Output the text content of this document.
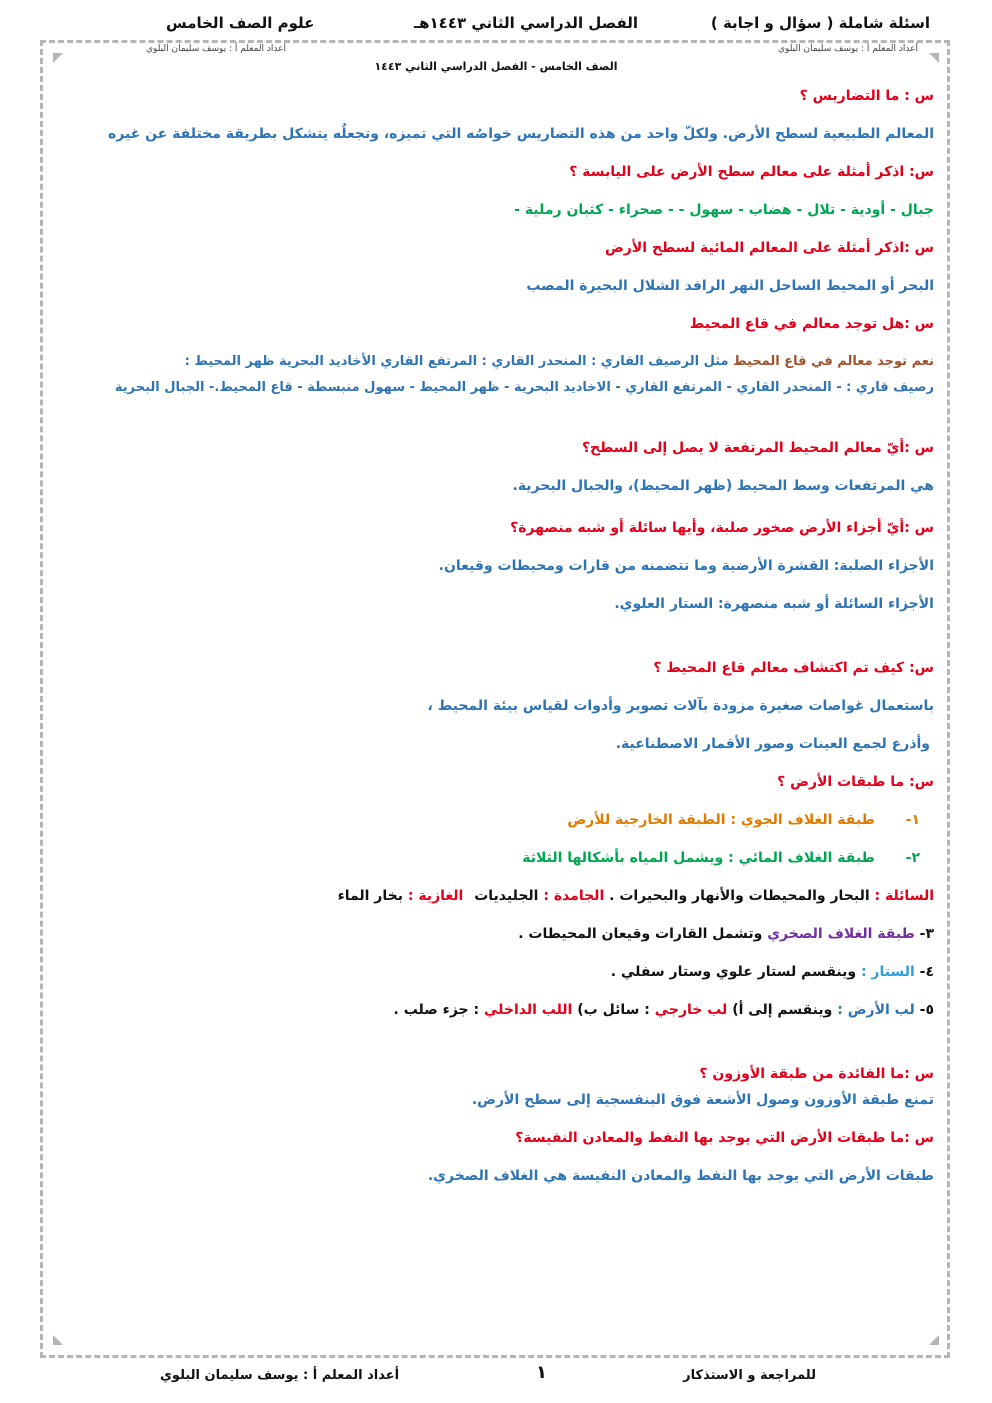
اسئلة شاملة ( سؤال و اجابة )
الفصل الدراسي الثاني ١٤٤٣هـ
علوم الصف الخامس
أعداد المعلم أ : يوسف سليمان البلوي
أعداد المعلم أ : يوسف سليمان البلوي
الصف الخامس - الفصل الدراسي الثاني ١٤٤٣
س : ما التضاريس ؟
المعالم الطبيعية لسطح الأرض. ولكلّ واحد من هذه التضاريس خواصُه التي تميزه، وتجعلُه يتشكل بطريقة مختلفة عن غيره
س: اذكر أمثلة على معالم سطح الأرض على اليابسة ؟
جبال - أودية - تلال - هضاب - سهول - - صحراء - كثبان رملية -
س :اذكر أمثلة على المعالم المائية لسطح الأرض
البحر أو المحيط الساحل النهر الرافد الشلال البحيرة المصب
س :هل توجد معالم في قاع المحيط
نعم توجد معالم في قاع المحيط مثل الرصيف القاري : المنحدر القاري : المرتفع القاري الأخاديد البحرية ظهر المحيط :
رصيف قاري : - المنحدر القاري - المرتفع القاري - الاخاديد البحرية - ظهر المحيط - سهول منبسطة - قاع المحيط.- الجبال البحرية
س :أيّ معالم المحيط المرتفعة لا يصل إلى السطح؟
هي المرتفعات وسط المحيط (ظهر المحيط)، والجبال البحرية.
س :أيّ أجزاء الأرض صخور صلبة، وأيها سائلة أو شبه منصهرة؟
الأجزاء الصلبة: القشرة الأرضية وما تتضمنه من قارات ومحيطات وقيعان.
الأجزاء السائلة أو شبه منصهرة: الستار العلوي.
س: كيف تم اكتشاف معالم قاع المحيط ؟
باستعمال غواصات صغيرة مزودة بآلات تصوير وأدوات لقياس بيئة المحيط ،
وأذرع لجمع العينات وصور الأقمار الاصطناعية.
س: ما طبقات الأرض ؟
١- طبقة الغلاف الجوي : الطبقة الخارجية للأرض
٢- طبقة الغلاف المائي : ويشمل المياه بأشكالها الثلاثة
السائلة : البحار والمحيطات والأنهار والبحيرات . الجامدة : الجليديات الغازية : بخار الماء
٣- طبقة الغلاف الصخري وتشمل القارات وقيعان المحيطات .
٤- الستار : وينقسم لستار علوي وستار سفلي .
٥- لب الأرض : وينقسم إلى أ) لب خارجي : سائل ب) اللب الداخلي : جزء صلب .
س :ما الفائدة من طبقة الأوزون ؟
تمنع طبقة الأوزون وصول الأشعة فوق البنفسجية إلى سطح الأرض.
س :ما طبقات الأرض التي يوجد بها النفط والمعادن النفيسة؟
طبقات الأرض التي يوجد بها النفط والمعادن النفيسة هي الغلاف الصخري.
للمراجعة و الاستذكار
١
أعداد المعلم أ : يوسف سليمان البلوي
